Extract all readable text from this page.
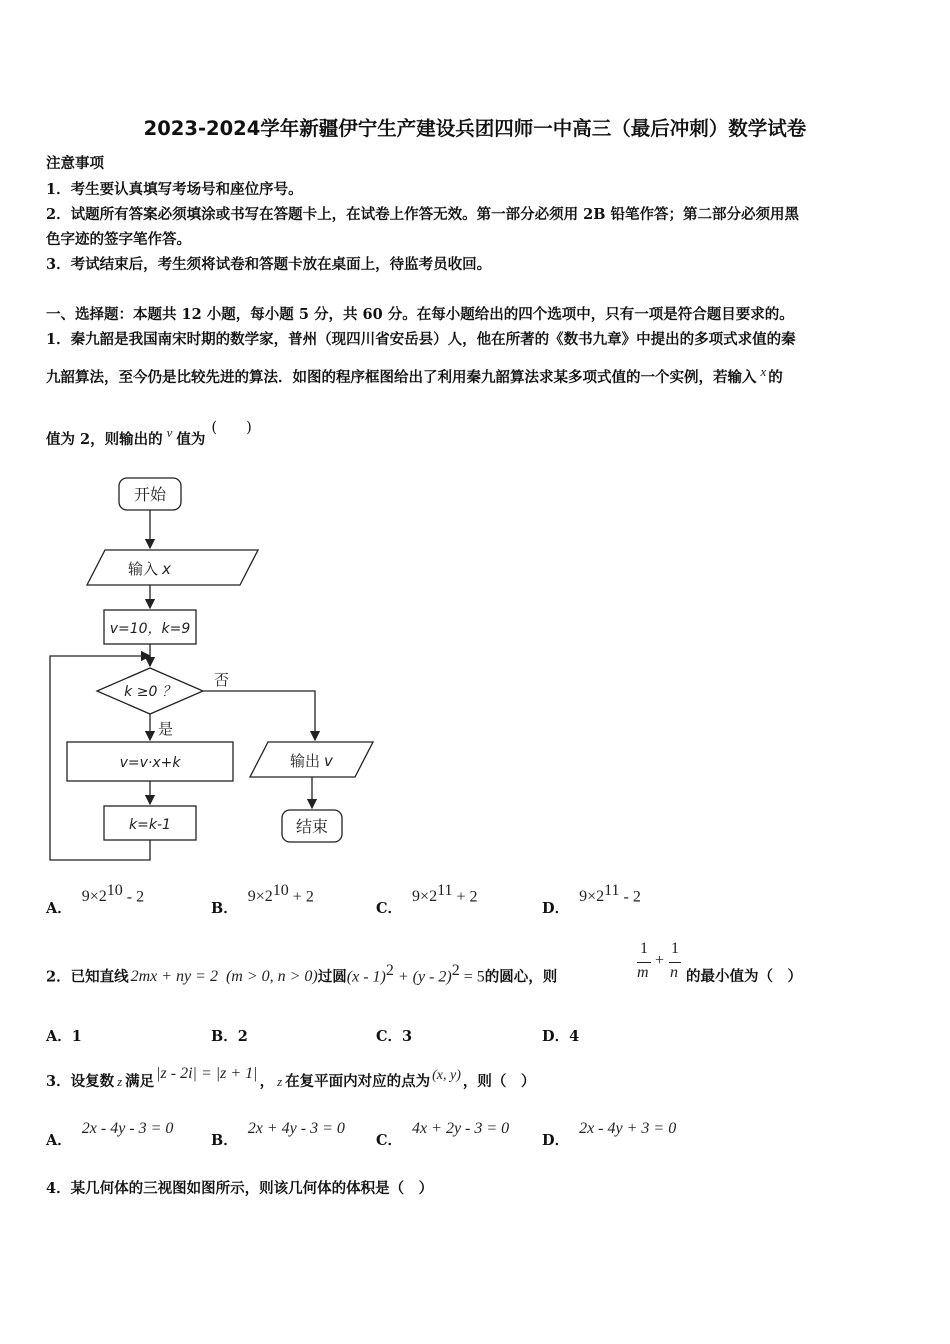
2023-2024学年新疆伊宁生产建设兵团四师一中高三（最后冲刺）数学试卷
注意事项
1．考生要认真填写考场号和座位序号。
2．试题所有答案必须填涂或书写在答题卡上，在试卷上作答无效。第一部分必须用 2B 铅笔作答；第二部分必须用黑
色字迹的签字笔作答。
3．考试结束后，考生须将试卷和答题卡放在桌面上，待监考员收回。
一、选择题：本题共 12 小题，每小题 5 分，共 60 分。在每小题给出的四个选项中，只有一项是符合题目要求的。
1．秦九韶是我国南宋时期的数学家，普州（现四川省安岳县）人，他在所著的《数书九章》中提出的多项式求值的秦
九韶算法，至今仍是比较先进的算法．如图的程序框图给出了利用秦九韶算法求某多项式值的一个实例，若输入 x 的
值为 2，则输出的 v 值为(　　)
开始
输入 x
v=10，k=9
k ≥0 ？
否
是
v=v·x+k
k=k-1
输出 v
结束
A．$9\times 2^{10} - 2$
B．$9\times 2^{10} + 2$
C．$9\times 2^{11} + 2$
D．$9\times 2^{11} - 2$
2．已知直线 2mx + ny = 2 (m > 0, n > 0)过圆(x - 1)$^2$ + (y - 2)$^2$ = 5的圆心，则
1
m
+
1
n 的最小值为（　）
A．1	B．2	C．3	D．4
3．设复数 z 满足 |z - 2i| = |z + 1| ， z 在复平面内对应的点为 (x, y) ，则（　）
A．2x - 4y - 3 = 0
B．2x + 4y - 3 = 0
C．4x + 2y - 3 = 0
D．2x - 4y + 3 = 0
4．某几何体的三视图如图所示，则该几何体的体积是（　）
